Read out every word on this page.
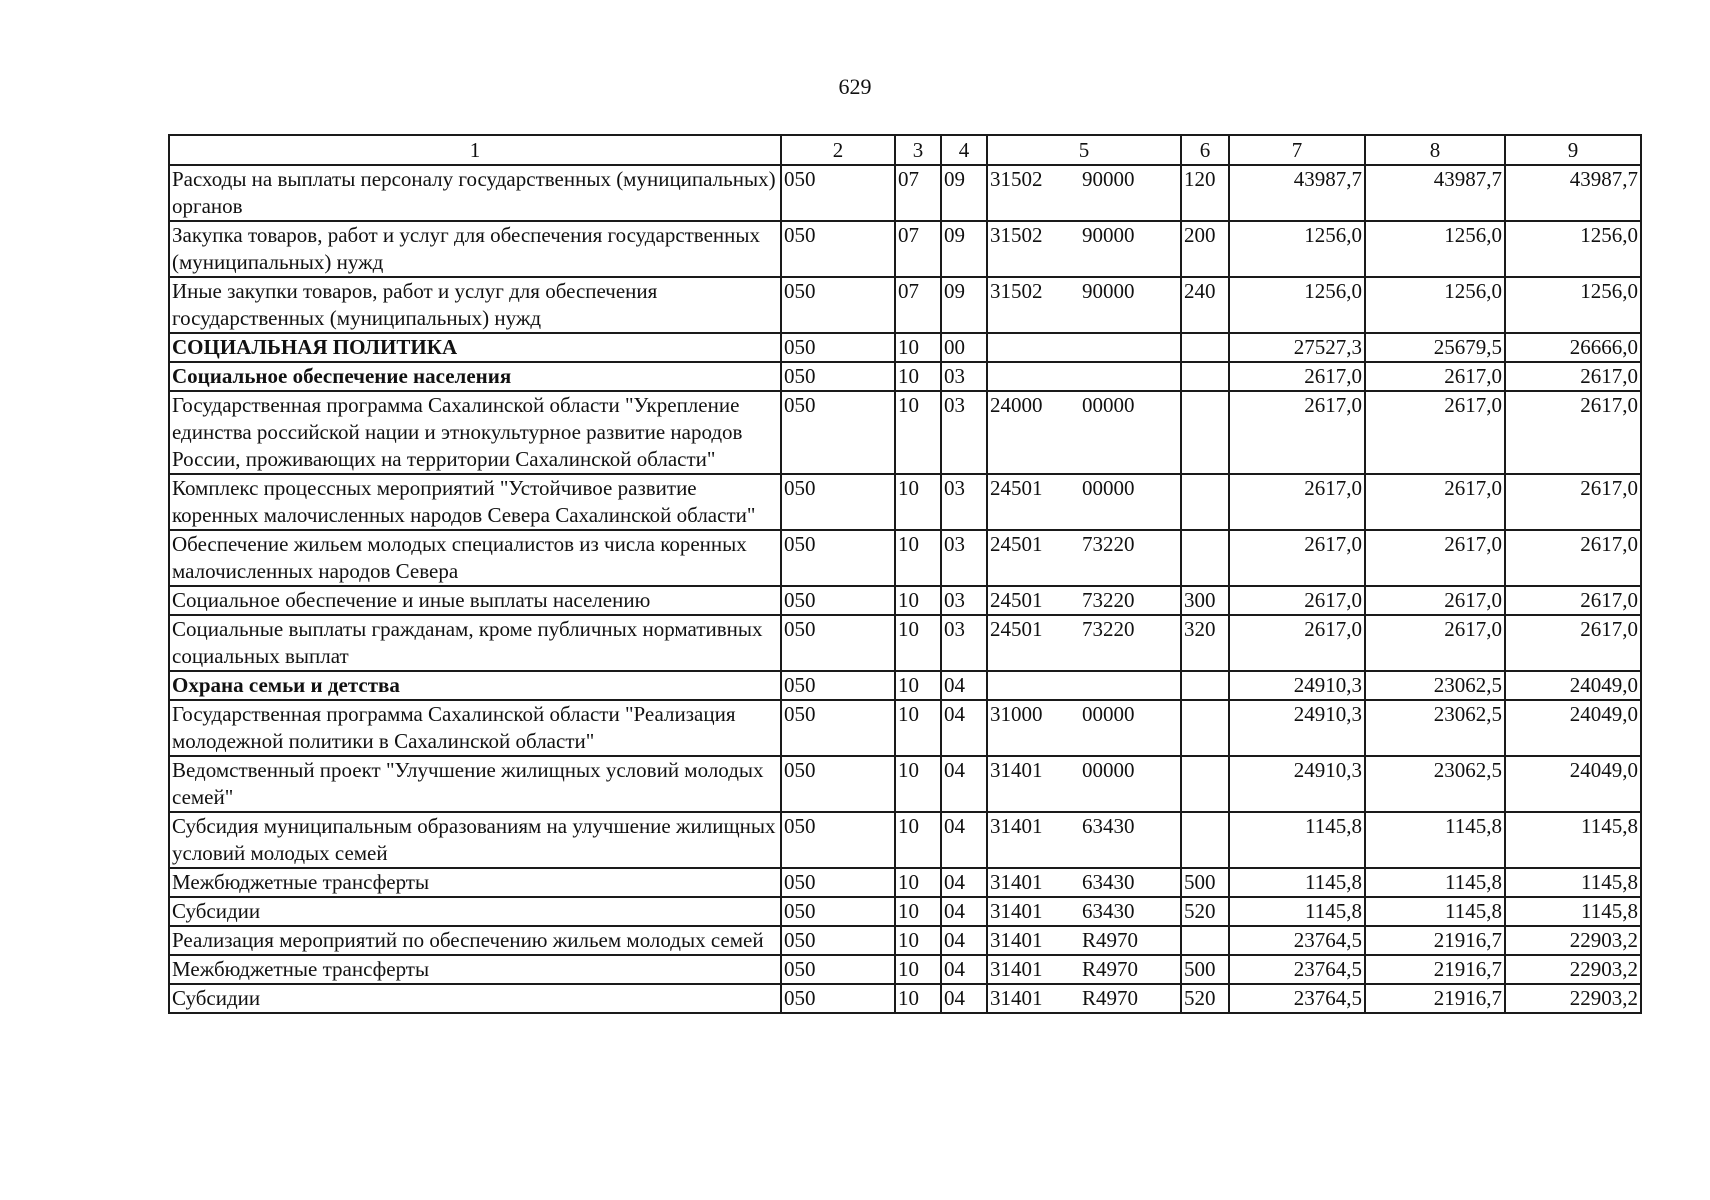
629
1	2	3	4	5	6	7	8	9
Расходы на выплаты персоналу государственных (муниципальных) органов	050	07	09	31502 90000	120	43987,7	43987,7	43987,7
Закупка товаров, работ и услуг для обеспечения государственных (муниципальных) нужд	050	07	09	31502 90000	200	1256,0	1256,0	1256,0
Иные закупки товаров, работ и услуг для обеспечения государственных (муниципальных) нужд	050	07	09	31502 90000	240	1256,0	1256,0	1256,0
СОЦИАЛЬНАЯ ПОЛИТИКА	050	10	00			27527,3	25679,5	26666,0
Социальное обеспечение населения	050	10	03			2617,0	2617,0	2617,0
Государственная программа Сахалинской области "Укрепление единства российской нации и этнокультурное развитие народов России, проживающих на территории Сахалинской области"	050	10	03	24000 00000		2617,0	2617,0	2617,0
Комплекс процессных мероприятий "Устойчивое развитие коренных малочисленных народов Севера Сахалинской области"	050	10	03	24501 00000		2617,0	2617,0	2617,0
Обеспечение жильем молодых специалистов из числа коренных малочисленных народов Севера	050	10	03	24501 73220		2617,0	2617,0	2617,0
Социальное обеспечение и иные выплаты населению	050	10	03	24501 73220	300	2617,0	2617,0	2617,0
Социальные выплаты гражданам, кроме публичных нормативных социальных выплат	050	10	03	24501 73220	320	2617,0	2617,0	2617,0
Охрана семьи и детства	050	10	04			24910,3	23062,5	24049,0
Государственная программа Сахалинской области "Реализация молодежной политики в Сахалинской области"	050	10	04	31000 00000		24910,3	23062,5	24049,0
Ведомственный проект "Улучшение жилищных условий молодых семей"	050	10	04	31401 00000		24910,3	23062,5	24049,0
Субсидия муниципальным образованиям на улучшение жилищных условий молодых семей	050	10	04	31401 63430		1145,8	1145,8	1145,8
Межбюджетные трансферты	050	10	04	31401 63430	500	1145,8	1145,8	1145,8
Субсидии	050	10	04	31401 63430	520	1145,8	1145,8	1145,8
Реализация мероприятий по обеспечению жильем молодых семей	050	10	04	31401 R4970		23764,5	21916,7	22903,2
Межбюджетные трансферты	050	10	04	31401 R4970	500	23764,5	21916,7	22903,2
Субсидии	050	10	04	31401 R4970	520	23764,5	21916,7	22903,2
